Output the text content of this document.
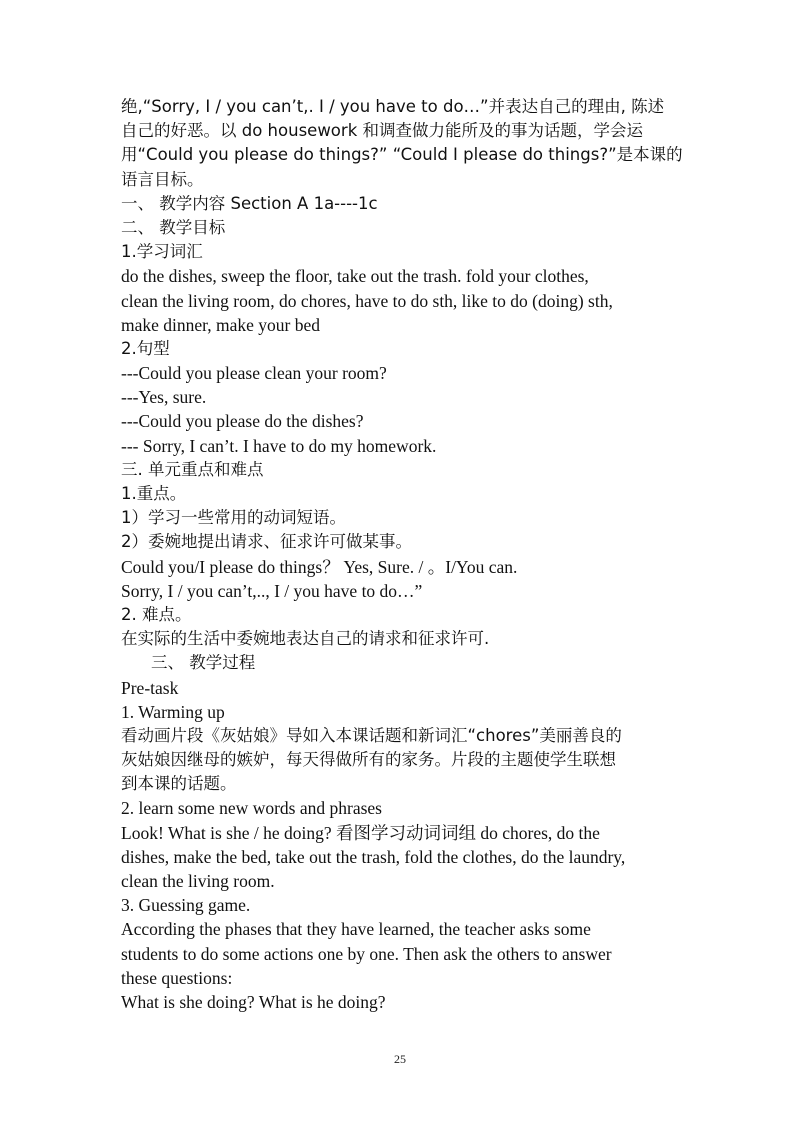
绝,“Sorry, I / you can’t,. I / you have to do…”并表达自己的理由, 陈述
自己的好恶。以 do housework 和调查做力能所及的事为话题，学会运
用“Could you please do things?” “Could I please do things?”是本课的
语言目标。
一、 教学内容 Section A 1a----1c
二、 教学目标
1.学习词汇
do the dishes, sweep the floor, take out the trash. fold your clothes,
clean the living room, do chores, have to do sth, like to do (doing) sth,
make dinner, make your bed
2.句型
---Could you please clean your room?
---Yes, sure.
---Could you please do the dishes?
--- Sorry, I can’t. I have to do my homework.
三. 单元重点和难点
1.重点。
1）学习一些常用的动词短语。
2）委婉地提出请求、征求许可做某事。
Could you/I please do things？ Yes, Sure. / 。I/You can.
Sorry, I / you can’t,.., I / you have to do…”
2. 难点。
在实际的生活中委婉地表达自己的请求和征求许可.
三、 教学过程
Pre-task
1. Warming up
看动画片段《灰姑娘》导如入本课话题和新词汇“chores”美丽善良的
灰姑娘因继母的嫉妒，每天得做所有的家务。片段的主题使学生联想
到本课的话题。
2. learn some new words and phrases
Look! What is she / he doing? 看图学习动词词组 do chores, do the
dishes, make the bed, take out the trash, fold the clothes, do the laundry,
clean the living room.
3. Guessing game.
According the phases that they have learned, the teacher asks some
students to do some actions one by one. Then ask the others to answer
these questions:
What is she doing? What is he doing?
25
